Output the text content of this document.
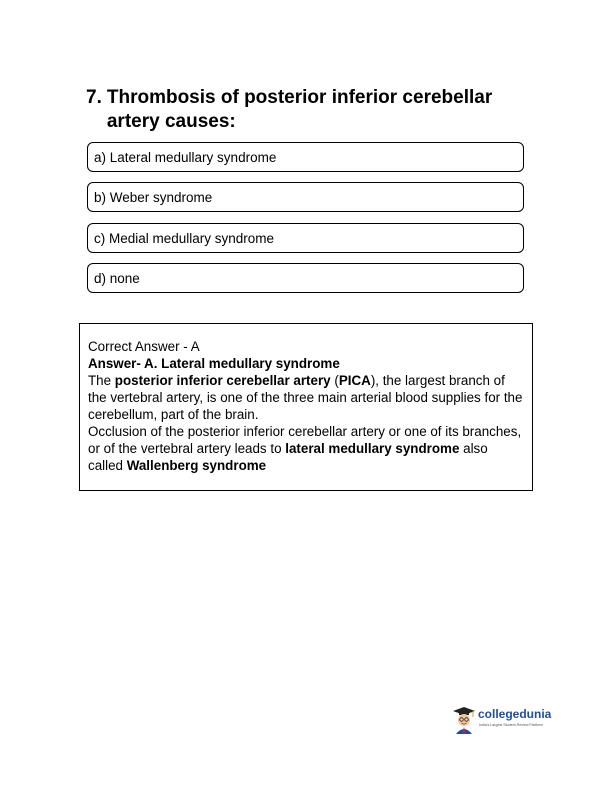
7. Thrombosis of posterior inferior cerebellar artery causes:
a) Lateral medullary syndrome
b) Weber syndrome
c) Medial medullary syndrome
d) none

Correct Answer - A

Answer- A. Lateral medullary syndrome

The posterior inferior cerebellar artery (PICA), the largest branch of the vertebral artery, is one of the three main arterial blood supplies for the cerebellum, part of the brain.

Occlusion of the posterior inferior cerebellar artery or one of its branches, or of the vertebral artery leads to lateral medullary syndrome also called Wallenberg syndrome

collegedunia
India's Largest Student Review Platform
